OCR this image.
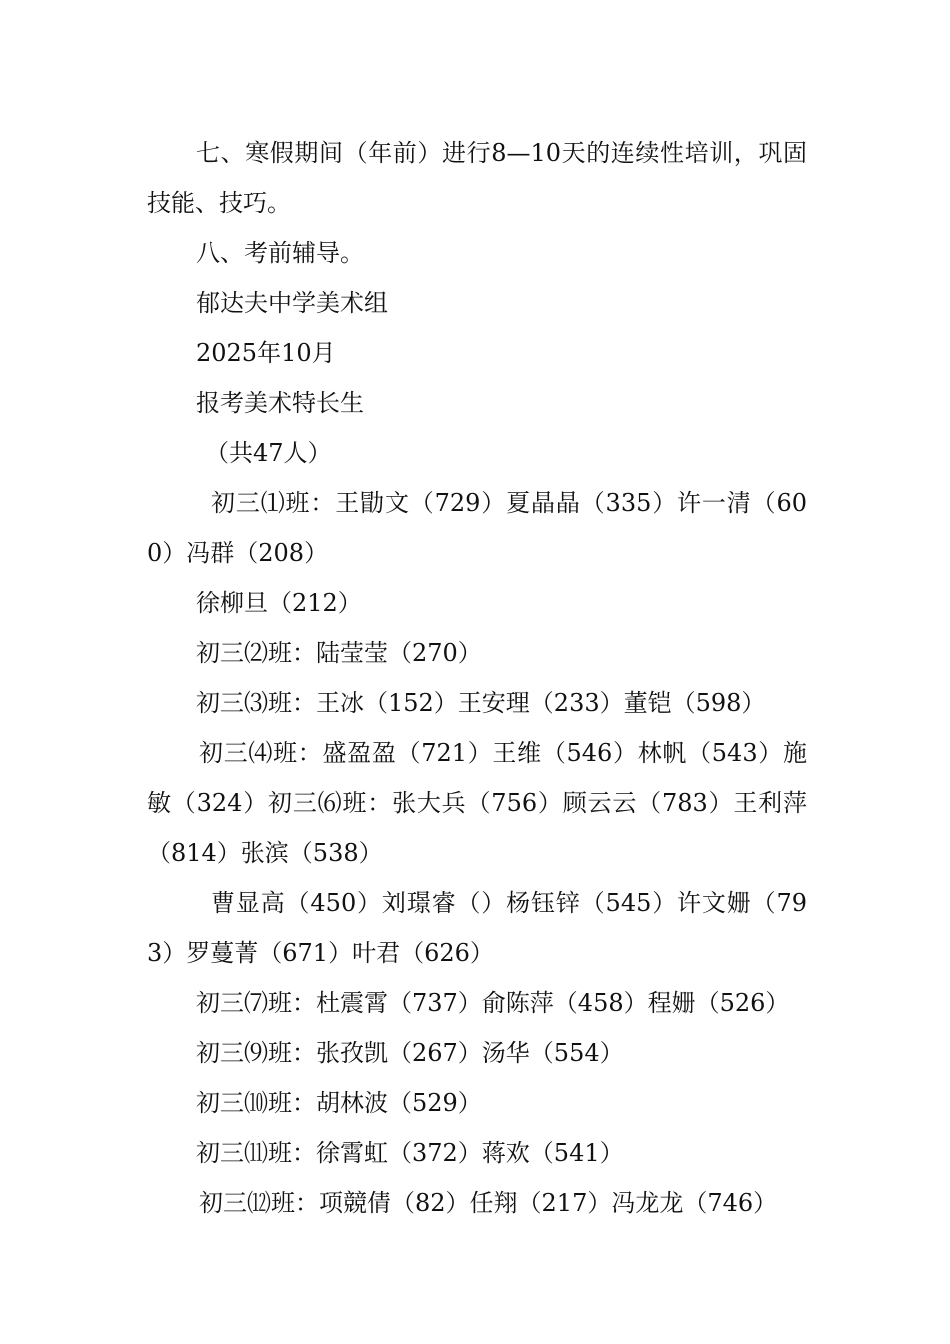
七、寒假期间（年前）进行8—10天的连续性培训，巩固技能、技巧。

八、考前辅导。

郁达夫中学美术组

2025年10月

报考美术特长生

（共47人）

初三⑴班：王勖文（729）夏晶晶（335）许一清（600）冯群（208）

徐柳旦（212）

初三⑵班：陆莹莹（270）

初三⑶班：王冰（152）王安理（233）董铠（598）

初三⑷班：盛盈盈（721）王维（546）林帆（543）施敏（324）初三⑹班：张大兵（756）顾云云（783）王利萍（814）张滨（538）

曹显高（450）刘璟睿（）杨钰锌（545）许文姗（793）罗蔓菁（671）叶君（626）

初三⑺班：杜震霄（737）俞陈萍（458）程姗（526）

初三⑼班：张孜凯（267）汤华（554）

初三⑽班：胡林波（529）

初三⑾班：徐霄虹（372）蒋欢（541）

初三⑿班：项競倩（82）任翔（217）冯龙龙（746）
